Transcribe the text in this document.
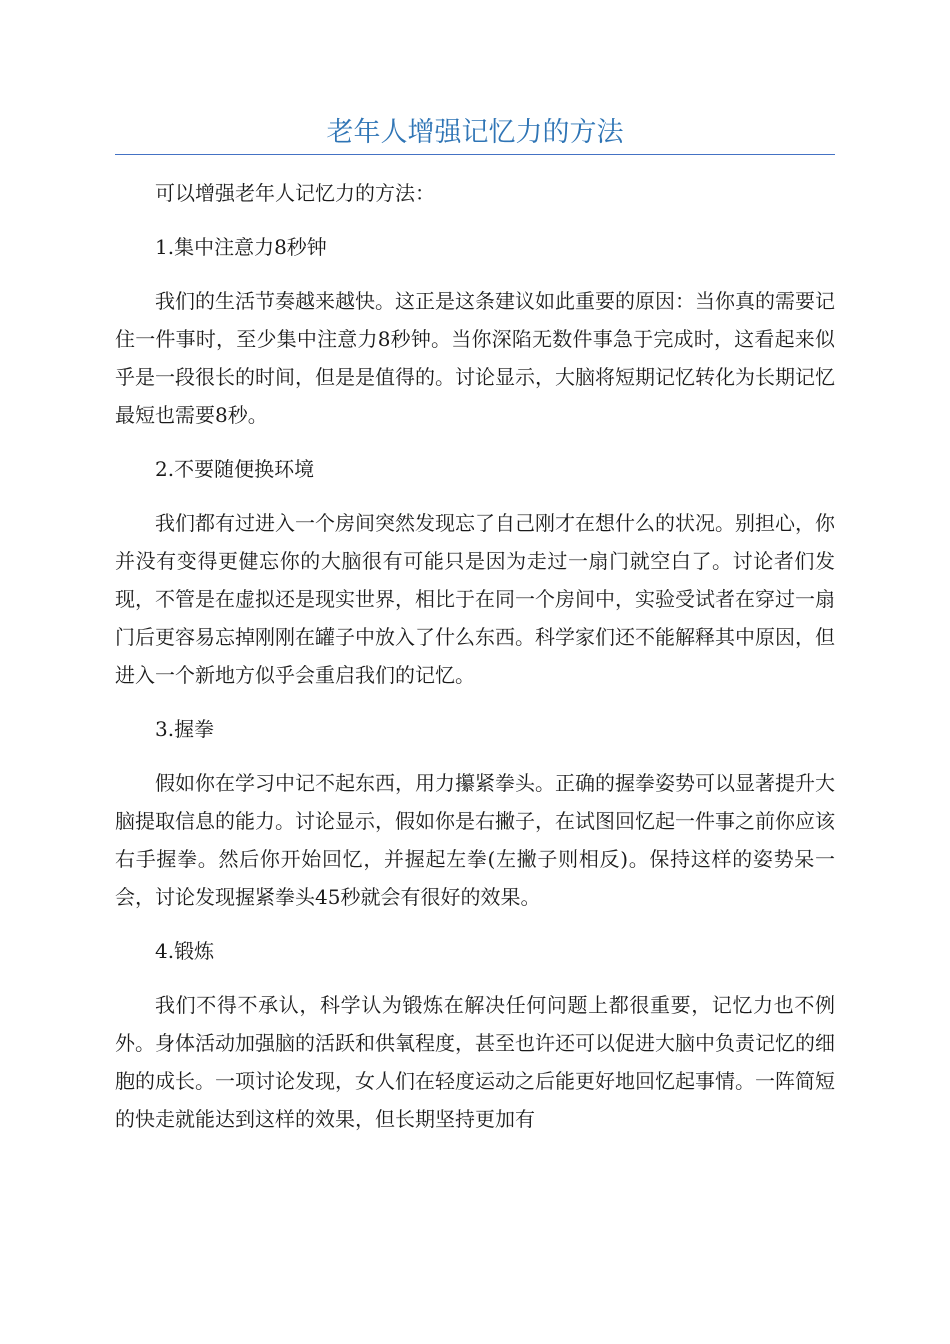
老年人增强记忆力的方法

可以增强老年人记忆力的方法：

1.集中注意力8秒钟

我们的生活节奏越来越快。这正是这条建议如此重要的原因：当你真的需要记住一件事时，至少集中注意力8秒钟。当你深陷无数件事急于完成时，这看起来似乎是一段很长的时间，但是是值得的。讨论显示，大脑将短期记忆转化为长期记忆最短也需要8秒。

2.不要随便换环境

我们都有过进入一个房间突然发现忘了自己刚才在想什么的状况。别担心，你并没有变得更健忘你的大脑很有可能只是因为走过一扇门就空白了。讨论者们发现，不管是在虚拟还是现实世界，相比于在同一个房间中，实验受试者在穿过一扇门后更容易忘掉刚刚在罐子中放入了什么东西。科学家们还不能解释其中原因，但进入一个新地方似乎会重启我们的记忆。

3.握拳

假如你在学习中记不起东西，用力攥紧拳头。正确的握拳姿势可以显著提升大脑提取信息的能力。讨论显示，假如你是右撇子，在试图回忆起一件事之前你应该右手握拳。然后你开始回忆，并握起左拳(左撇子则相反)。保持这样的姿势呆一会，讨论发现握紧拳头45秒就会有很好的效果。

4.锻炼

我们不得不承认，科学认为锻炼在解决任何问题上都很重要，记忆力也不例外。身体活动加强脑的活跃和供氧程度，甚至也许还可以促进大脑中负责记忆的细胞的成长。一项讨论发现，女人们在轻度运动之后能更好地回忆起事情。一阵简短的快走就能达到这样的效果，但长期坚持更加有
